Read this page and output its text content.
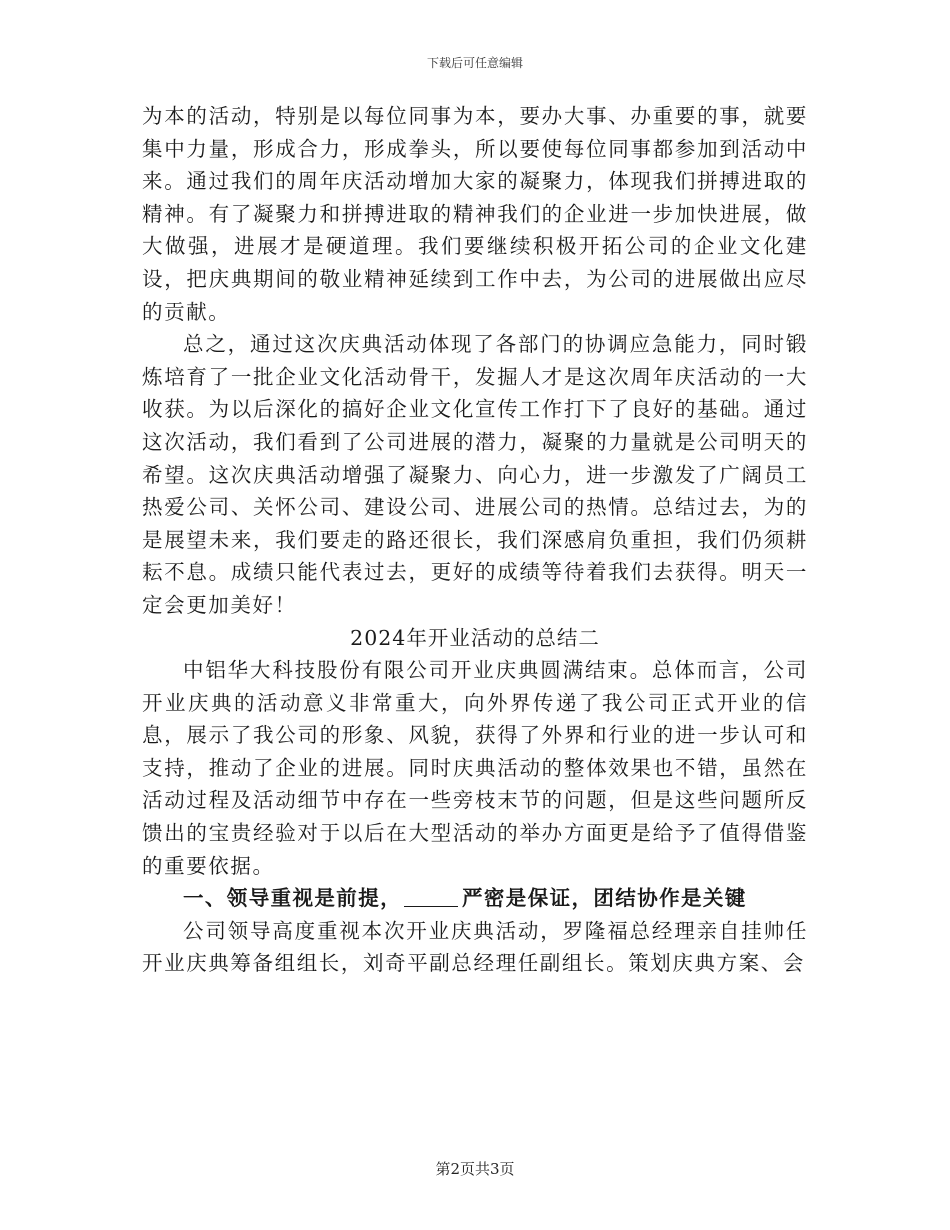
下载后可任意编辑

为本的活动，特别是以每位同事为本，要办大事、办重要的事，就要集中力量，形成合力，形成拳头，所以要使每位同事都参加到活动中来。通过我们的周年庆活动增加大家的凝聚力，体现我们拼搏进取的精神。有了凝聚力和拼搏进取的精神我们的企业进一步加快进展，做大做强，进展才是硬道理。我们要继续积极开拓公司的企业文化建设，把庆典期间的敬业精神延续到工作中去，为公司的进展做出应尽的贡献。

总之，通过这次庆典活动体现了各部门的协调应急能力，同时锻炼培育了一批企业文化活动骨干，发掘人才是这次周年庆活动的一大收获。为以后深化的搞好企业文化宣传工作打下了良好的基础。通过这次活动，我们看到了公司进展的潜力，凝聚的力量就是公司明天的希望。这次庆典活动增强了凝聚力、向心力，进一步激发了广阔员工热爱公司、关怀公司、建设公司、进展公司的热情。总结过去，为的是展望未来，我们要走的路还很长，我们深感肩负重担，我们仍须耕耘不息。成绩只能代表过去，更好的成绩等待着我们去获得。明天一定会更加美好！

2024年开业活动的总结二

中铝华大科技股份有限公司开业庆典圆满结束。总体而言，公司开业庆典的活动意义非常重大，向外界传递了我公司正式开业的信息，展示了我公司的形象、风貌，获得了外界和行业的进一步认可和支持，推动了企业的进展。同时庆典活动的整体效果也不错，虽然在活动过程及活动细节中存在一些旁枝末节的问题，但是这些问题所反馈出的宝贵经验对于以后在大型活动的举办方面更是给予了值得借鉴的重要依据。

一、领导重视是前提，	严密是保证，团结协作是关键

公司领导高度重视本次开业庆典活动，罗隆福总经理亲自挂帅任开业庆典筹备组组长，刘奇平副总经理任副组长。策划庆典方案、会

第2页共3页
